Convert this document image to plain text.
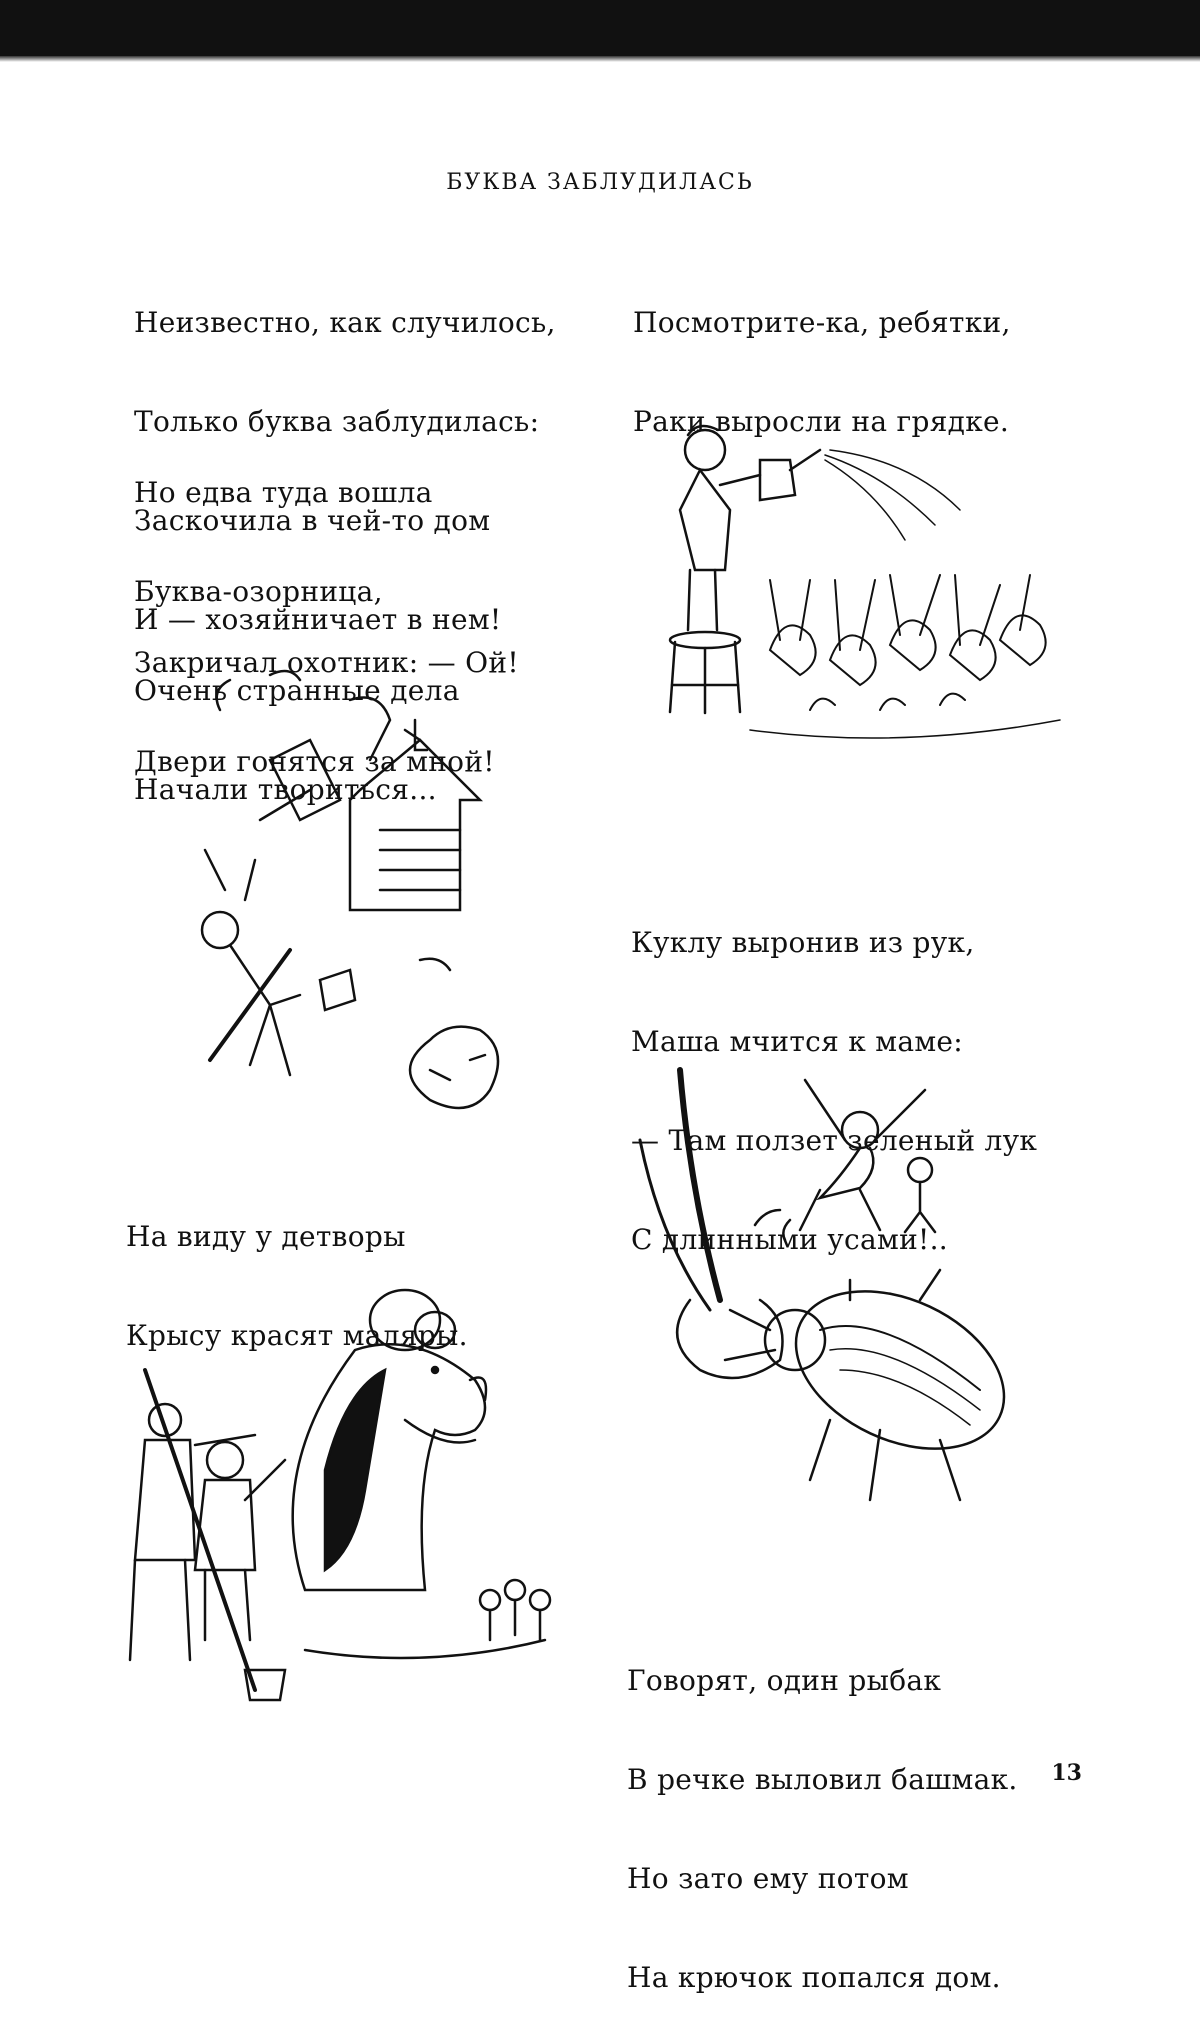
БУКВА ЗАБЛУДИЛАСЬ

Неизвестно, как случилось,

Только буква заблудилась:

Заскочила в чей-то дом

И — хозяйничает в нем!

Но едва туда вошла

Буква-озорница,

Очень странные дела

Начали твориться...

Закричал охотник: — Ой!

Двери гонятся за мной!

На виду у детворы

Крысу красят маляры.

Посмотрите-ка, ребятки,

Раки выросли на грядке.

Куклу выронив из рук,

Маша мчится к маме:

— Там ползет зеленый лук

С длинными усами!..

Говорят, один рыбак

В речке выловил башмак.

Но зато ему потом

На крючок попался дом.

13
